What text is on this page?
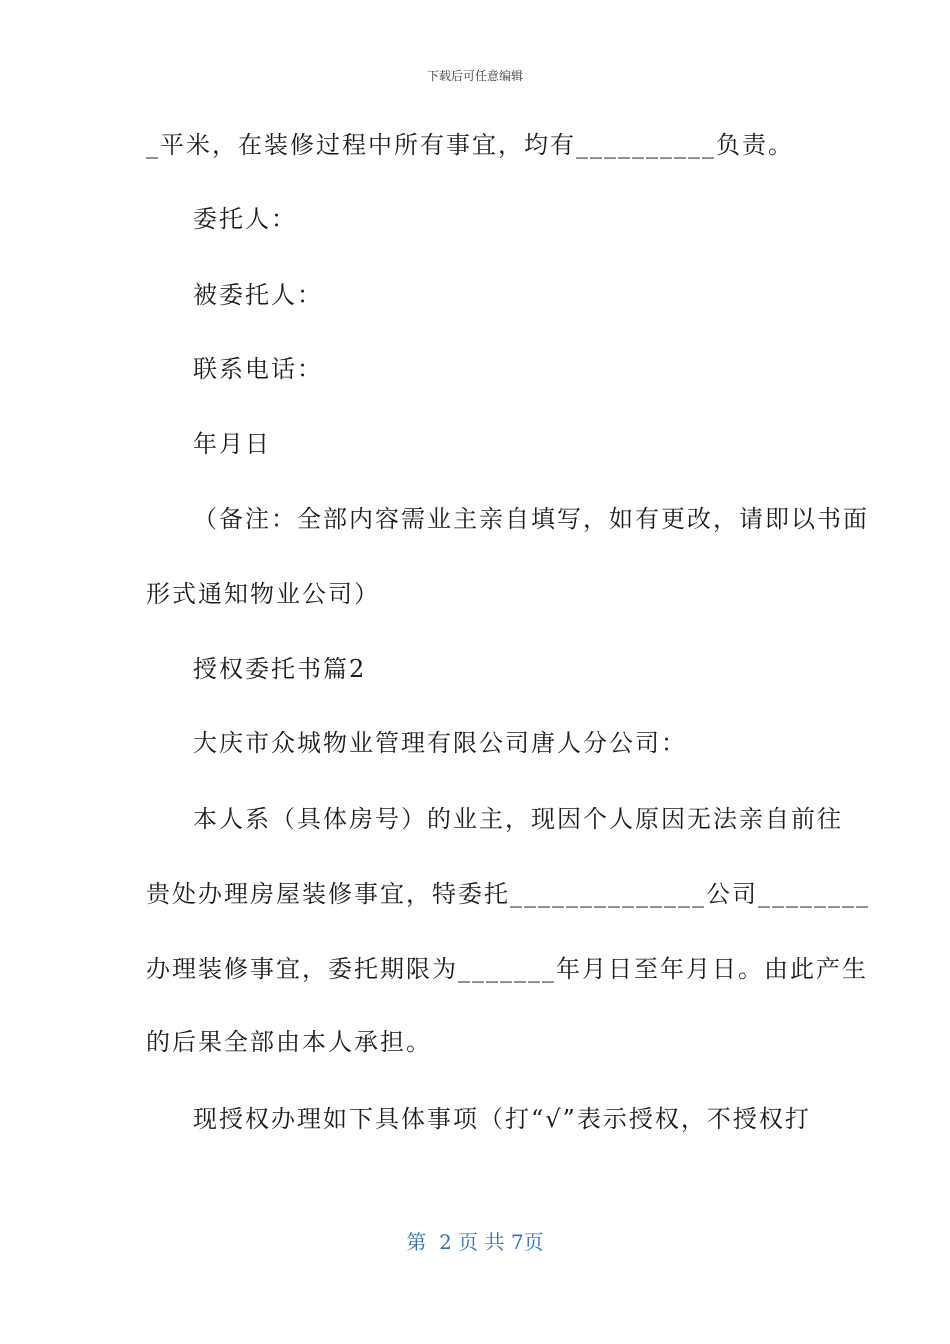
下载后可任意编辑
_平米，在装修过程中所有事宜，均有__________负责。
委托人：
被委托人：
联系电话：
年月日
（备注：全部内容需业主亲自填写，如有更改，请即以书面
形式通知物业公司）
授权委托书篇2
大庆市众城物业管理有限公司唐人分公司：
本人系（具体房号）的业主，现因个人原因无法亲自前往
贵处办理房屋装修事宜，特委托______________公司________
办理装修事宜，委托期限为_______年月日至年月日。由此产生
的后果全部由本人承担。
现授权办理如下具体事项（打“√”表示授权，不授权打
第  2 页 共 7页
